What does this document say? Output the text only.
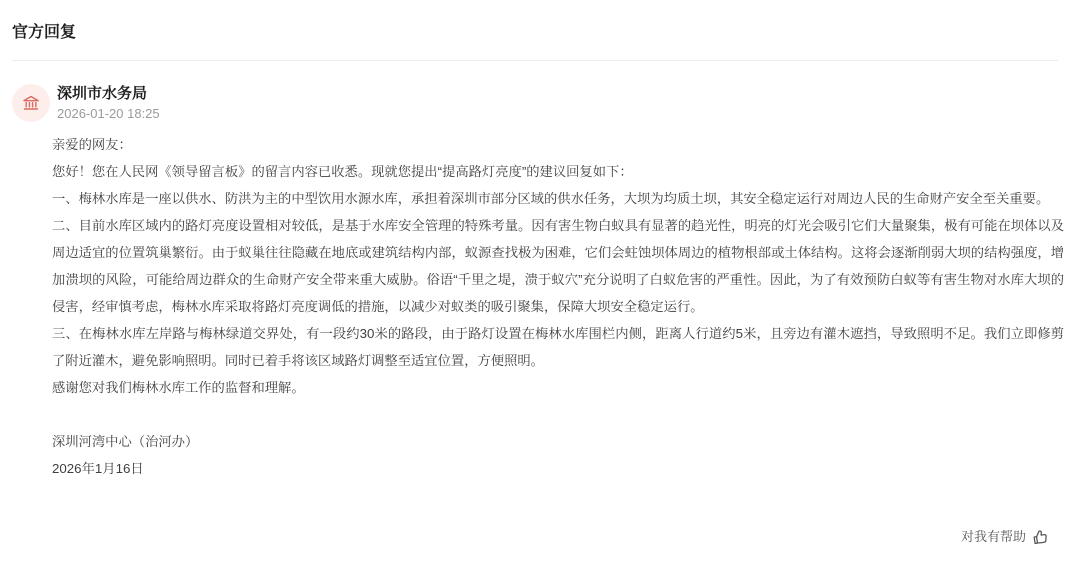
官方回复
深圳市水务局
2026-01-20 18:25

亲爱的网友：

您好！您在人民网《领导留言板》的留言内容已收悉。现就您提出“提高路灯亮度”的建议回复如下：

一、梅林水库是一座以供水、防洪为主的中型饮用水源水库，承担着深圳市部分区域的供水任务，大坝为均质土坝，其安全稳定运行对周边人民的生命财产安全至关重要。

二、目前水库区域内的路灯亮度设置相对较低，是基于水库安全管理的特殊考量。因有害生物白蚁具有显著的趋光性，明亮的灯光会吸引它们大量聚集，极有可能在坝体以及周边适宜的位置筑巢繁衍。由于蚁巢往往隐藏在地底或建筑结构内部，蚁源查找极为困难，它们会蛀蚀坝体周边的植物根部或土体结构。这将会逐渐削弱大坝的结构强度，增加溃坝的风险，可能给周边群众的生命财产安全带来重大威胁。俗语“千里之堤，溃于蚁穴”充分说明了白蚁危害的严重性。因此，为了有效预防白蚁等有害生物对水库大坝的侵害，经审慎考虑，梅林水库采取将路灯亮度调低的措施，以减少对蚁类的吸引聚集，保障大坝安全稳定运行。

三、在梅林水库左岸路与梅林绿道交界处，有一段约30米的路段，由于路灯设置在梅林水库围栏内侧，距离人行道约5米，且旁边有灌木遮挡，导致照明不足。我们立即修剪了附近灌木，避免影响照明。同时已着手将该区域路灯调整至适宜位置，方便照明。

感谢您对我们梅林水库工作的监督和理解。

深圳河湾中心（治河办）

2026年1月16日

对我有帮助
